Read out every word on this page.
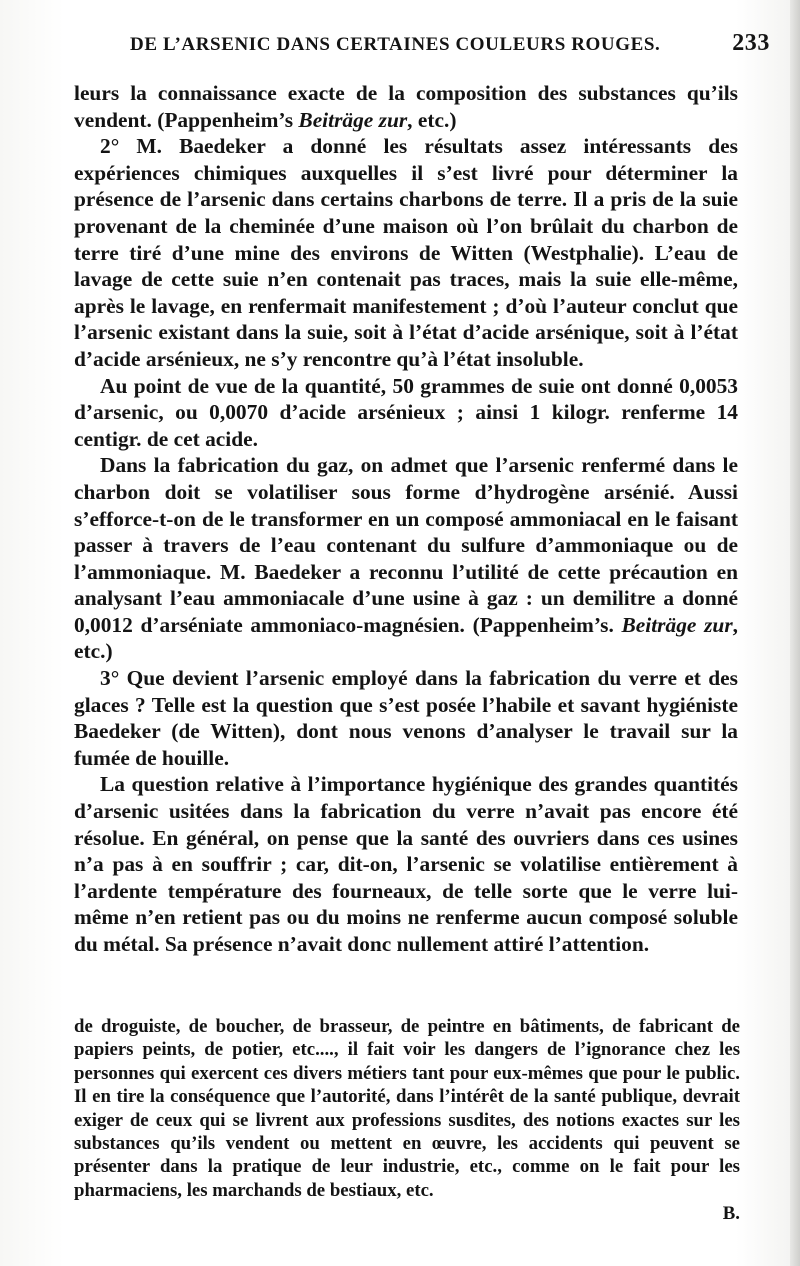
DE L’ARSENIC DANS CERTAINES COULEURS ROUGES.	233

leurs la connaissance exacte de la composition des substances qu’ils vendent. (Pappenheim’s Beiträge zur, etc.)

2° M. Baedeker a donné les résultats assez intéressants des expériences chimiques auxquelles il s’est livré pour déterminer la présence de l’arsenic dans certains charbons de terre. Il a pris de la suie provenant de la cheminée d’une maison où l’on brûlait du charbon de terre tiré d’une mine des environs de Witten (Westphalie). L’eau de lavage de cette suie n’en contenait pas traces, mais la suie elle-même, après le lavage, en renfermait manifestement ; d’où l’auteur conclut que l’arsenic existant dans la suie, soit à l’état d’acide arsénique, soit à l’état d’acide arsénieux, ne s’y rencontre qu’à l’état insoluble.

Au point de vue de la quantité, 50 grammes de suie ont donné 0,0053 d’arsenic, ou 0,0070 d’acide arsénieux ; ainsi 1 kilogr. renferme 14 centigr. de cet acide.

Dans la fabrication du gaz, on admet que l’arsenic renfermé dans le charbon doit se volatiliser sous forme d’hydrogène arsénié. Aussi s’efforce-t-on de le transformer en un composé ammoniacal en le faisant passer à travers de l’eau contenant du sulfure d’ammoniaque ou de l’ammoniaque. M. Baedeker a reconnu l’utilité de cette précaution en analysant l’eau ammoniacale d’une usine à gaz : un demilitre a donné 0,0012 d’arséniate ammoniaco-magnésien. (Pappenheim’s. Beiträge zur, etc.)

3° Que devient l’arsenic employé dans la fabrication du verre et des glaces ? Telle est la question que s’est posée l’habile et savant hygiéniste Baedeker (de Witten), dont nous venons d’analyser le travail sur la fumée de houille.

La question relative à l’importance hygiénique des grandes quantités d’arsenic usitées dans la fabrication du verre n’avait pas encore été résolue. En général, on pense que la santé des ouvriers dans ces usines n’a pas à en souffrir ; car, dit-on, l’arsenic se volatilise entièrement à l’ardente température des fourneaux, de telle sorte que le verre lui-même n’en retient pas ou du moins ne renferme aucun composé soluble du métal. Sa présence n’avait donc nullement attiré l’attention.

de droguiste, de boucher, de brasseur, de peintre en bâtiments, de fabricant de papiers peints, de potier, etc...., il fait voir les dangers de l’ignorance chez les personnes qui exercent ces divers métiers tant pour eux-mêmes que pour le public. Il en tire la conséquence que l’autorité, dans l’intérêt de la santé publique, devrait exiger de ceux qui se livrent aux professions susdites, des notions exactes sur les substances qu’ils vendent ou mettent en œuvre, les accidents qui peuvent se présenter dans la pratique de leur industrie, etc., comme on le fait pour les pharmaciens, les marchands de bestiaux, etc.
B.
